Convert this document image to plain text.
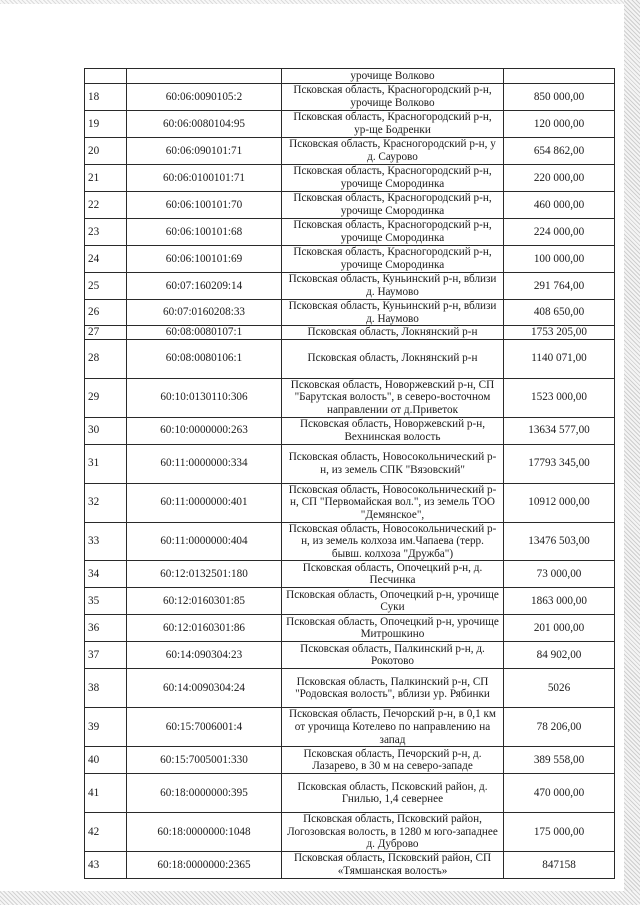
		урочище Волково	
18	60:06:0090105:2	Псковская область, Красногородский р-н, урочище Волково	850 000,00
19	60:06:0080104:95	Псковская область, Красногородский р-н, ур-ще Бодренки	120 000,00
20	60:06:090101:71	Псковская область, Красногородский р-н, у д. Саурово	654 862,00
21	60:06:0100101:71	Псковская область, Красногородский р-н, урочище Смородинка	220 000,00
22	60:06:100101:70	Псковская область, Красногородский р-н, урочище Смородинка	460 000,00
23	60:06:100101:68	Псковская область, Красногородский р-н, урочище Смородинка	224 000,00
24	60:06:100101:69	Псковская область, Красногородский р-н, урочище Смородинка	100 000,00
25	60:07:160209:14	Псковская область, Куньинский р-н, вблизи д. Наумово	291 764,00
26	60:07:0160208:33	Псковская область, Куньинский р-н, вблизи д. Наумово	408 650,00
27	60:08:0080107:1	Псковская область, Локнянский р-н	1753 205,00
28	60:08:0080106:1	Псковская область, Локнянский р-н	1140 071,00
29	60:10:0130110:306	Псковская область, Новоржевский р-н, СП "Барутская волость", в северо-восточном направлении от д.Приветок	1523 000,00
30	60:10:0000000:263	Псковская область, Новоржевский р-н, Вехнинская волость	13634 577,00
31	60:11:0000000:334	Псковская область, Новосокольнический р-н, из земель СПК "Вязовский"	17793 345,00
32	60:11:0000000:401	Псковская область, Новосокольнический р-н, СП "Первомайская вол.", из земель ТОО "Демянское",	10912 000,00
33	60:11:0000000:404	Псковская область, Новосокольнический р-н, из земель колхоза им.Чапаева (терр. бывш. колхоза "Дружба")	13476 503,00
34	60:12:0132501:180	Псковская область, Опочецкий р-н, д. Песчинка	73 000,00
35	60:12:0160301:85	Псковская область, Опочецкий р-н, урочище Суки	1863 000,00
36	60:12:0160301:86	Псковская область, Опочецкий р-н, урочище Митрошкино	201 000,00
37	60:14:090304:23	Псковская область, Палкинский р-н, д. Рокотово	84 902,00
38	60:14:0090304:24	Псковская область, Палкинский р-н, СП "Родовская волость", вблизи ур. Рябинки	5026
39	60:15:7006001:4	Псковская область, Печорский р-н, в 0,1 км от урочища Котелево по направлению на запад	78 206,00
40	60:15:7005001:330	Псковская область, Печорский р-н, д. Лазарево, в 30 м на северо-западе	389 558,00
41	60:18:0000000:395	Псковская область, Псковский район, д. Гнилью, 1,4 севернее	470 000,00
42	60:18:0000000:1048	Псковская область, Псковский район, Логозовская волость, в 1280 м юго-западнее д. Дуброво	175 000,00
43	60:18:0000000:2365	Псковская область, Псковский район, СП «Тямшанская волость»	847158
